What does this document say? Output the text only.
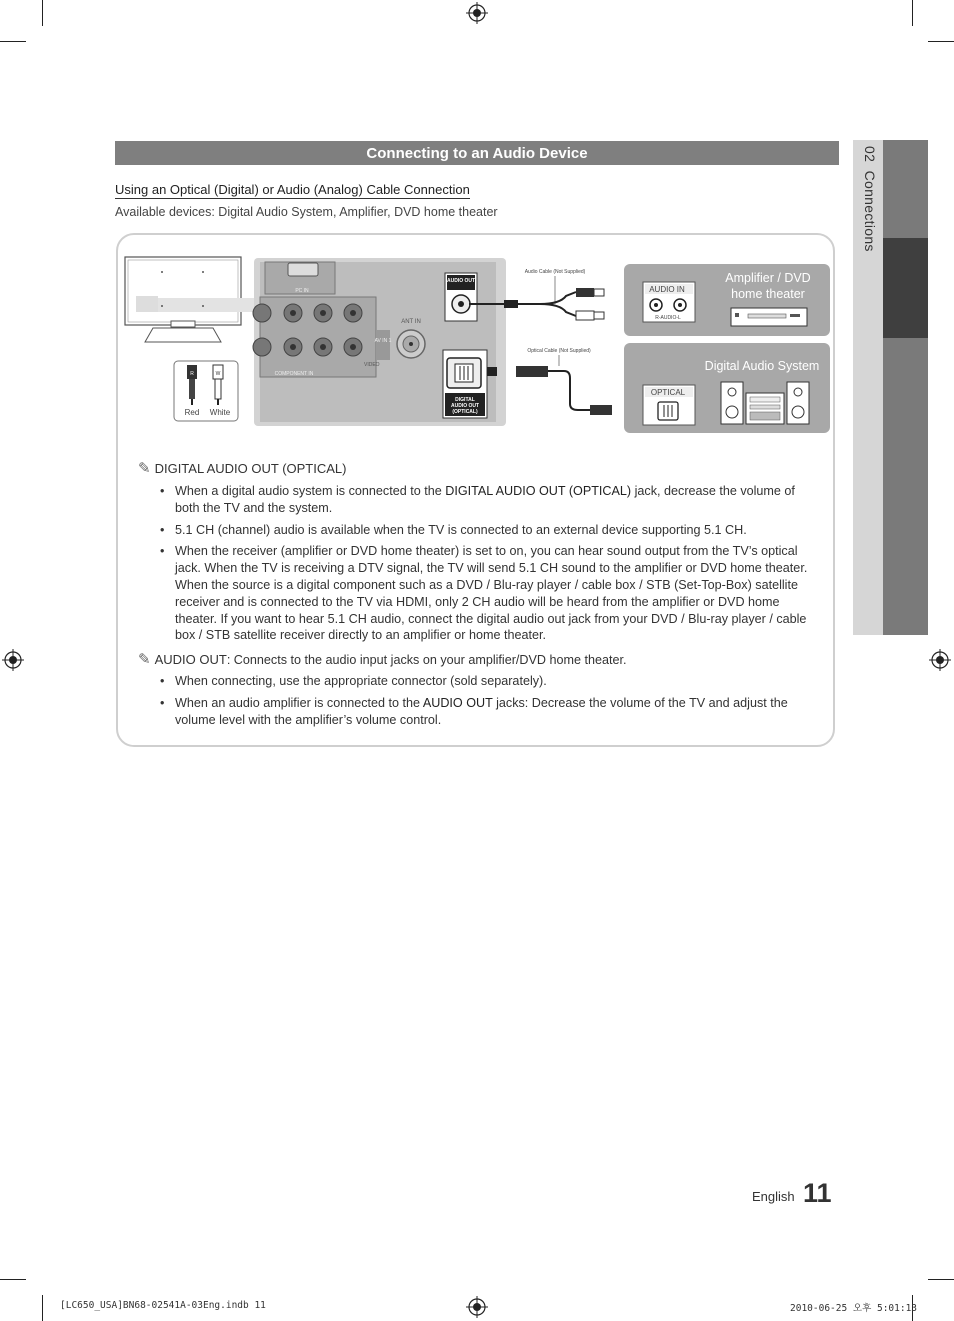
02  Connections
Connecting to an Audio Device
Using an Optical (Digital) or Audio (Analog) Cable Connection
Available devices: Digital Audio System, Amplifier, DVD home theater
R	W
Red White
PC IN
COMPONENT IN
VIDEO
AV IN 1
ANT IN
AUDIO OUT
DIGITAL
AUDIO OUT
(OPTICAL)
Audio Cable (Not Supplied)
Optical Cable (Not Supplied)
Amplifier / DVD
home theater
AUDIO IN
R-AUDIO-L
Digital Audio System
OPTICAL
✎ DIGITAL AUDIO OUT (OPTICAL)
• When a digital audio system is connected to the DIGITAL AUDIO OUT (OPTICAL) jack, decrease the volume of both the TV and the system.
• 5.1 CH (channel) audio is available when the TV is connected to an external device supporting 5.1 CH.
• When the receiver (amplifier or DVD home theater) is set to on, you can hear sound output from the TV’s optical jack. When the TV is receiving a DTV signal, the TV will send 5.1 CH sound to the amplifier or DVD home theater. When the source is a digital component such as a DVD / Blu-ray player / cable box / STB (Set-Top-Box) satellite receiver and is connected to the TV via HDMI, only 2 CH audio will be heard from the amplifier or DVD home theater. If you want to hear 5.1 CH audio, connect the digital audio out jack from your DVD / Blu-ray player / cable box / STB satellite receiver directly to an amplifier or home theater.
✎ AUDIO OUT: Connects to the audio input jacks on your amplifier/DVD home theater.
• When connecting, use the appropriate connector (sold separately).
• When an audio amplifier is connected to the AUDIO OUT jacks: Decrease the volume of the TV and adjust the volume level with the amplifier’s volume control.
English 11
[LC650_USA]BN68-02541A-03Eng.indb 11	2010-06-25 오후 5:01:13
